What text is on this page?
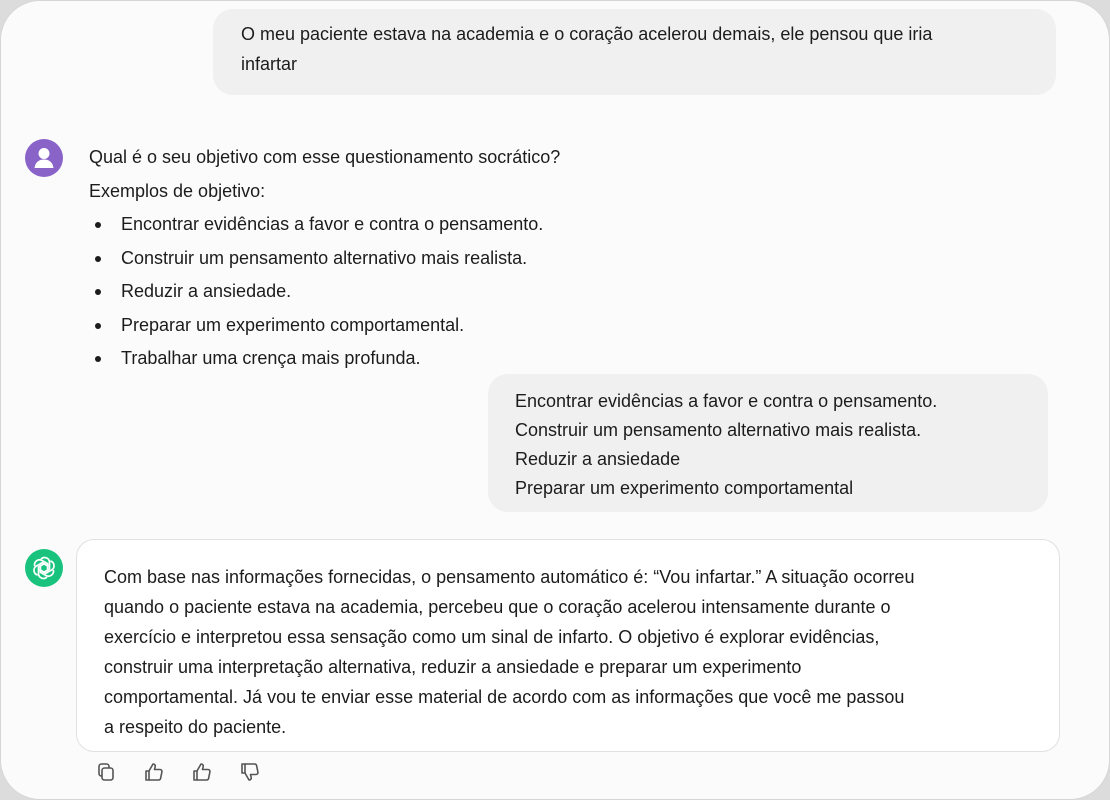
O meu paciente estava na academia e o coração acelerou demais, ele pensou que iria
infartar
Qual é o seu objetivo com esse questionamento socrático?
Exemplos de objetivo:
Encontrar evidências a favor e contra o pensamento.
Construir um pensamento alternativo mais realista.
Reduzir a ansiedade.
Preparar um experimento comportamental.
Trabalhar uma crença mais profunda.
Encontrar evidências a favor e contra o pensamento.
Construir um pensamento alternativo mais realista.
Reduzir a ansiedade
Preparar um experimento comportamental
Com base nas informações fornecidas, o pensamento automático é: “Vou infartar.” A situação ocorreu
quando o paciente estava na academia, percebeu que o coração acelerou intensamente durante o
exercício e interpretou essa sensação como um sinal de infarto. O objetivo é explorar evidências,
construir uma interpretação alternativa, reduzir a ansiedade e preparar um experimento
comportamental. Já vou te enviar esse material de acordo com as informações que você me passou
a respeito do paciente.
